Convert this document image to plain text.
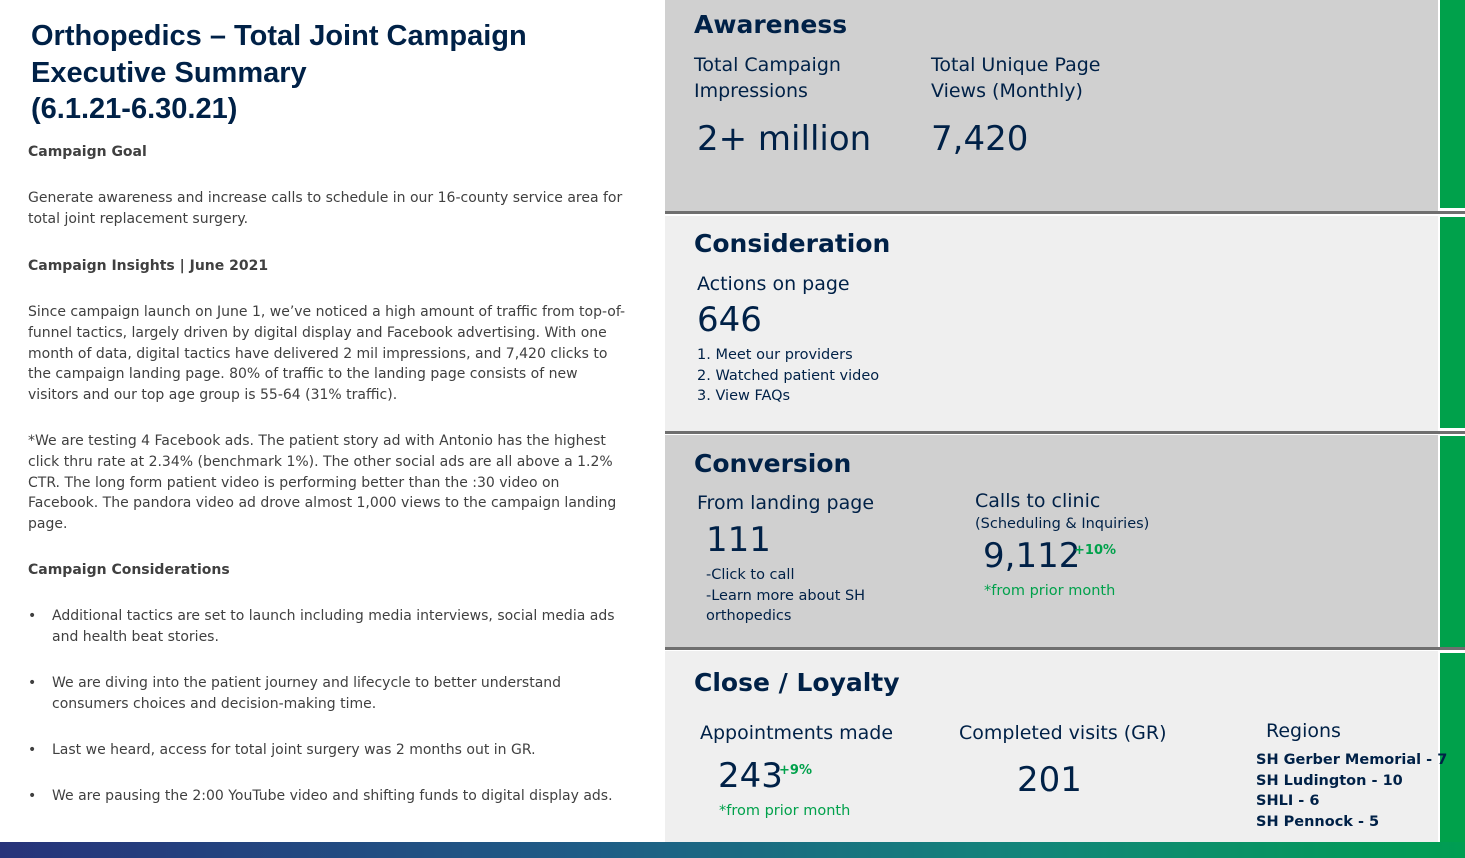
Orthopedics – Total Joint Campaign
Executive Summary
(6.1.21-6.30.21)
Campaign Goal
Generate awareness and increase calls to schedule in our 16-county service area for total joint replacement surgery.
Campaign Insights | June 2021
Since campaign launch on June 1, we’ve noticed a high amount of traffic from top-of-funnel tactics, largely driven by digital display and Facebook advertising. With one month of data, digital tactics have delivered 2 mil impressions, and 7,420 clicks to the campaign landing page. 80% of traffic to the landing page consists of new visitors and our top age group is 55-64 (31% traffic).
*We are testing 4 Facebook ads. The patient story ad with Antonio has the highest click thru rate at 2.34% (benchmark 1%). The other social ads are all above a 1.2% CTR. The long form patient video is performing better than the :30 video on Facebook. The pandora video ad drove almost 1,000 views to the campaign landing page.
Campaign Considerations
• Additional tactics are set to launch including media interviews, social media ads and health beat stories.
• We are diving into the patient journey and lifecycle to better understand consumers choices and decision-making time.
• Last we heard, access for total joint surgery was 2 months out in GR.
• We are pausing the 2:00 YouTube video and shifting funds to digital display ads.
Awareness
Total Campaign
Impressions
2+ million
Total Unique Page
Views (Monthly)
7,420
Consideration
Actions on page
646
1. Meet our providers
2. Watched patient video
3. View FAQs
Conversion
From landing page
111
-Click to call
-Learn more about SH
orthopedics
Calls to clinic
(Scheduling & Inquiries)
9,112
+10%
*from prior month
Close / Loyalty
Appointments made
243
+9%
*from prior month
Completed visits (GR)
201
Regions
SH Gerber Memorial - 7
SH Ludington - 10
SHLI - 6
SH Pennock - 5
